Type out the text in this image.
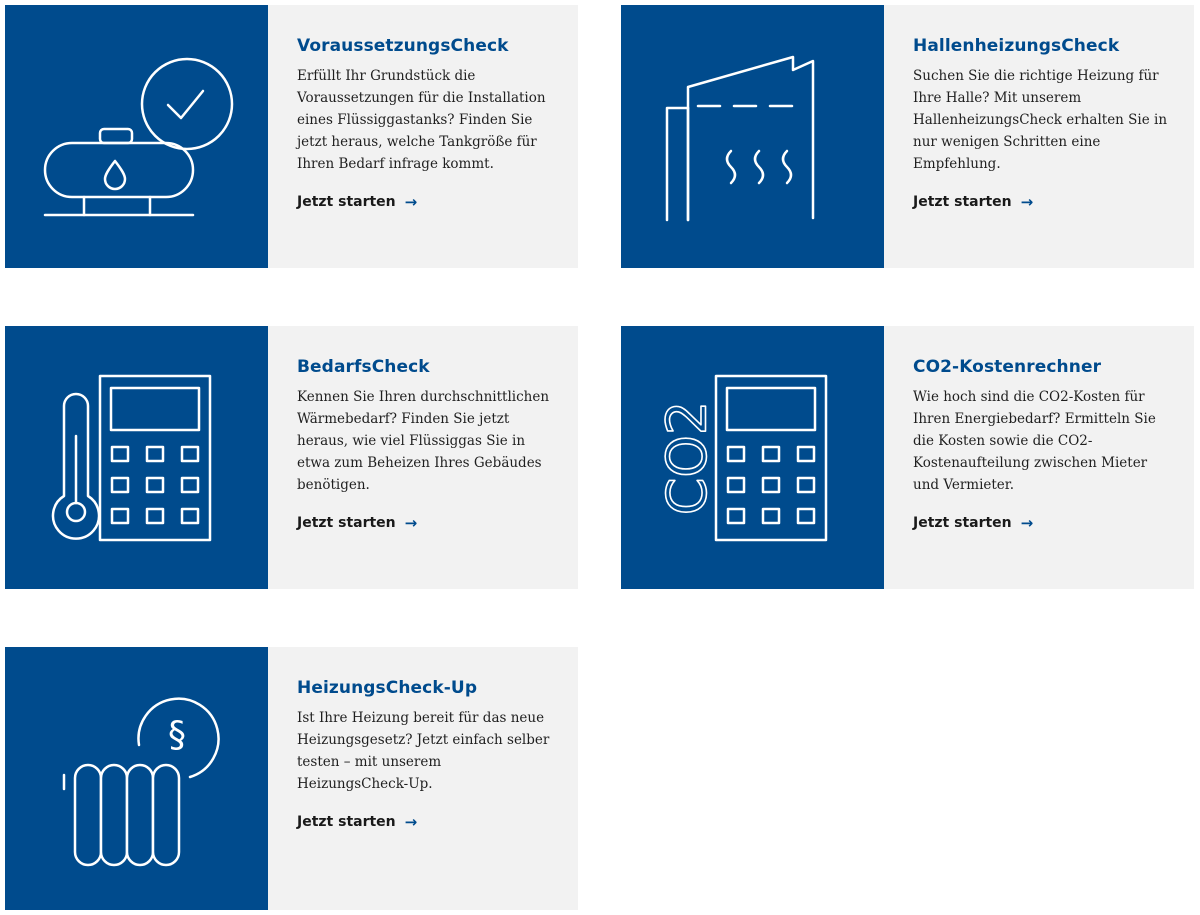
VoraussetzungsCheck

Erfüllt Ihr Grundstück die Voraussetzungen für die Installation eines Flüssiggastanks? Finden Sie jetzt heraus, welche Tankgröße für Ihren Bedarf infrage kommt.

Jetzt starten →
HallenheizungsCheck

Suchen Sie die richtige Heizung für Ihre Halle? Mit unserem HallenheizungsCheck erhalten Sie in nur wenigen Schritten eine Empfehlung.

Jetzt starten →
BedarfsCheck

Kennen Sie Ihren durchschnittlichen Wärmebedarf? Finden Sie jetzt heraus, wie viel Flüssiggas Sie in etwa zum Beheizen Ihres Gebäudes benötigen.

Jetzt starten →
CO2
CO2-Kostenrechner

Wie hoch sind die CO2-Kosten für Ihren Energiebedarf? Ermitteln Sie die Kosten sowie die CO2-Kostenaufteilung zwischen Mieter und Vermieter.

Jetzt starten →
§
HeizungsCheck-Up

Ist Ihre Heizung bereit für das neue Heizungsgesetz? Jetzt einfach selber testen – mit unserem HeizungsCheck-Up.

Jetzt starten →
